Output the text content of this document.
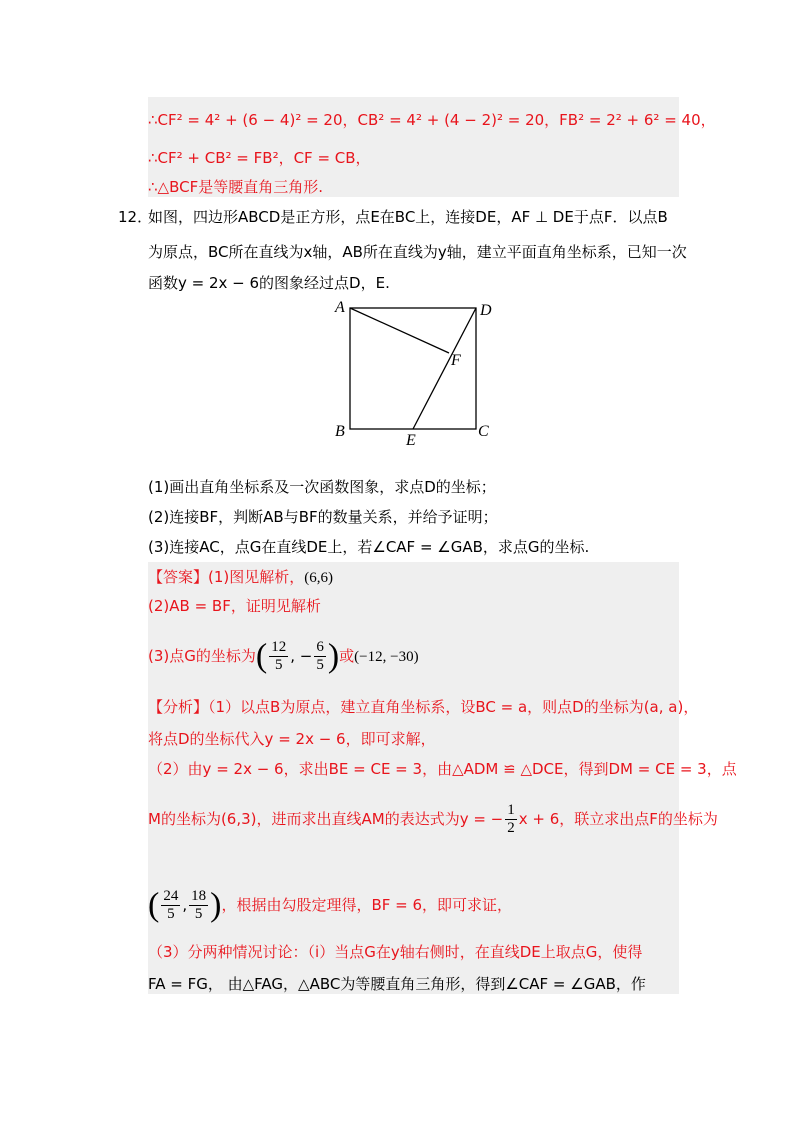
∴CF² = 4² + (6 − 4)² = 20，CB² = 4² + (4 − 2)² = 20，FB² = 2² + 6² = 40，
∴CF² + CB² = FB²，CF = CB，
∴△BCF是等腰直角三角形.
12．
如图，四边形ABCD是正方形，点E在BC上，连接DE，AF ⊥ DE于点F．以点B
为原点，BC所在直线为x轴，AB所在直线为y轴，建立平面直角坐标系，已知一次
函数y = 2x − 6的图象经过点D，E.
A	D
F
B
E
C
(1)画出直角坐标系及一次函数图象，求点D的坐标；
(2)连接BF，判断AB与BF的数量关系，并给予证明；
(3)连接AC，点G在直线DE上，若∠CAF = ∠GAB，求点G的坐标.
【答案】(1)图见解析，(6,6)
(2)AB = BF，证明见解析
(3)点G的坐标为( $\frac{12}{5}$ , − $\frac{6}{5}$ )或(−12, −30)
【分析】（1）以点B为原点，建立直角坐标系，设BC = a，则点D的坐标为(a, a)，
将点D的坐标代入y = 2x − 6，即可求解，
（2）由y = 2x − 6，求出BE = CE = 3，由△ADM ≌ △DCE，得到DM = CE = 3，点
M的坐标为(6,3)，进而求出直线AM的表达式为y = − $\frac{1}{2}$ x + 6，联立求出点F的坐标为
( $\frac{24}{5}$ , $\frac{18}{5}$ )，根据由勾股定理得，BF = 6，即可求证，
（3）分两种情况讨论：（i）当点G在y轴右侧时，在直线DE上取点G，使得
FA = FG， 由△FAG，△ABC为等腰直角三角形，得到∠CAF = ∠GAB，作
